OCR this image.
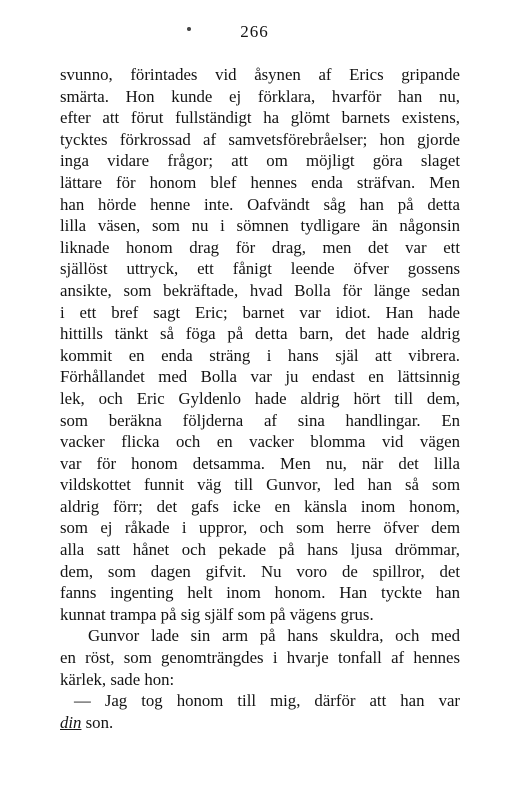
266
svunno, förintades vid åsynen af Erics gripande
smärta. Hon kunde ej förklara, hvarför han nu,
efter att förut fullständigt ha glömt barnets existens,
tycktes förkrossad af samvetsförebråelser; hon gjorde
inga vidare frågor; att om möjligt göra slaget
lättare för honom blef hennes enda sträfvan. Men
han hörde henne inte. Oafvändt såg han på detta
lilla väsen, som nu i sömnen tydligare än någonsin
liknade honom drag för drag, men det var ett
själlöst uttryck, ett fånigt leende öfver gossens
ansikte, som bekräftade, hvad Bolla för länge sedan
i ett bref sagt Eric; barnet var idiot. Han hade
hittills tänkt så föga på detta barn, det hade aldrig
kommit en enda sträng i hans själ att vibrera.
Förhållandet med Bolla var ju endast en lättsinnig
lek, och Eric Gyldenlo hade aldrig hört till dem,
som beräkna följderna af sina handlingar. En
vacker flicka och en vacker blomma vid vägen
var för honom detsamma. Men nu, när det lilla
vildskottet funnit väg till Gunvor, led han så som
aldrig förr; det gafs icke en känsla inom honom,
som ej råkade i uppror, och som herre öfver dem
alla satt hånet och pekade på hans ljusa drömmar,
dem, som dagen gifvit. Nu voro de spillror, det
fanns ingenting helt inom honom. Han tyckte han
kunnat trampa på sig själf som på vägens grus.
Gunvor lade sin arm på hans skuldra, och med
en röst, som genomträngdes i hvarje tonfall af hennes
kärlek, sade hon:
— Jag tog honom till mig, därför att han var
din son.
